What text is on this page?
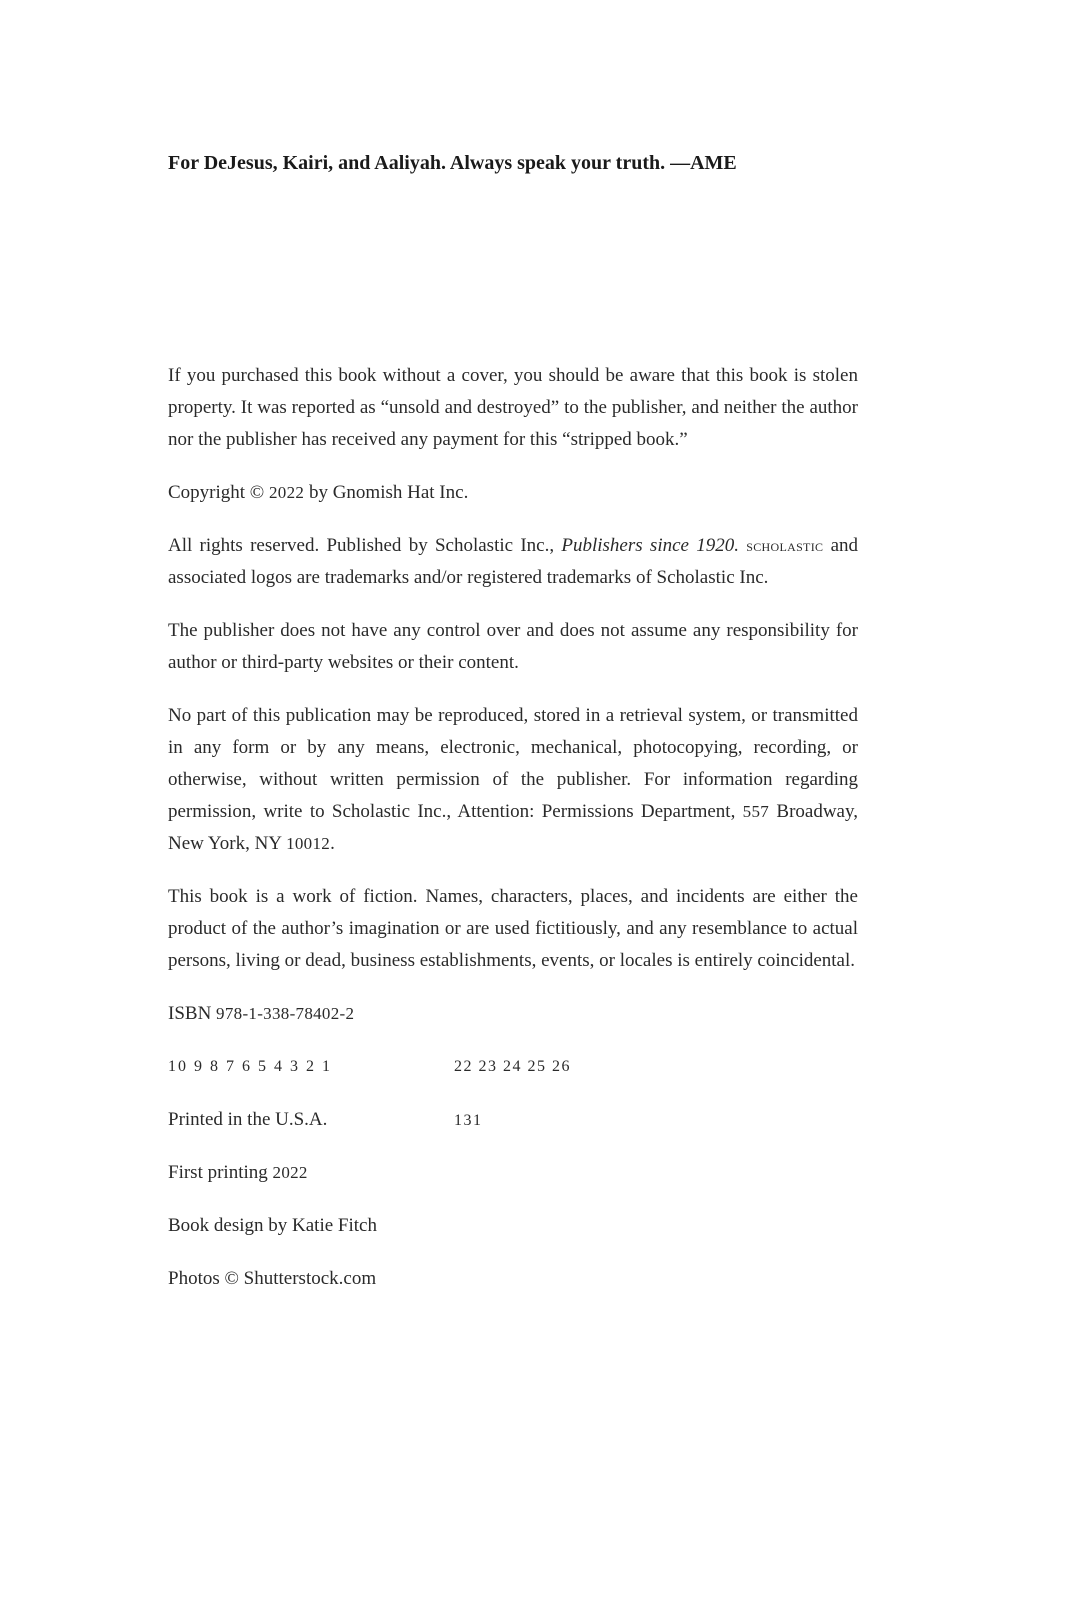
For DeJesus, Kairi, and Aaliyah. Always speak your truth. —AME

If you purchased this book without a cover, you should be aware that this book is stolen property. It was reported as “unsold and destroyed” to the publisher, and neither the author nor the publisher has received any payment for this “stripped book.”

Copyright © 2022 by Gnomish Hat Inc.

All rights reserved. Published by Scholastic Inc., Publishers since 1920. scholastic and associated logos are trademarks and/or registered trademarks of Scholastic Inc.

The publisher does not have any control over and does not assume any responsibility for author or third-party websites or their content.

No part of this publication may be reproduced, stored in a retrieval system, or transmitted in any form or by any means, electronic, mechanical, photocopying, recording, or otherwise, without written permission of the publisher. For information regarding permission, write to Scholastic Inc., Attention: Permissions Department, 557 Broadway, New York, NY 10012.

This book is a work of fiction. Names, characters, places, and incidents are either the product of the author’s imagination or are used fictitiously, and any resemblance to actual persons, living or dead, business establishments, events, or locales is entirely coincidental.

ISBN 978-1-338-78402-2

10 9 8 7 6 5 4 3 2 1	22 23 24 25 26
Printed in the U.S.A.	131

First printing 2022

Book design by Katie Fitch

Photos © Shutterstock.com
